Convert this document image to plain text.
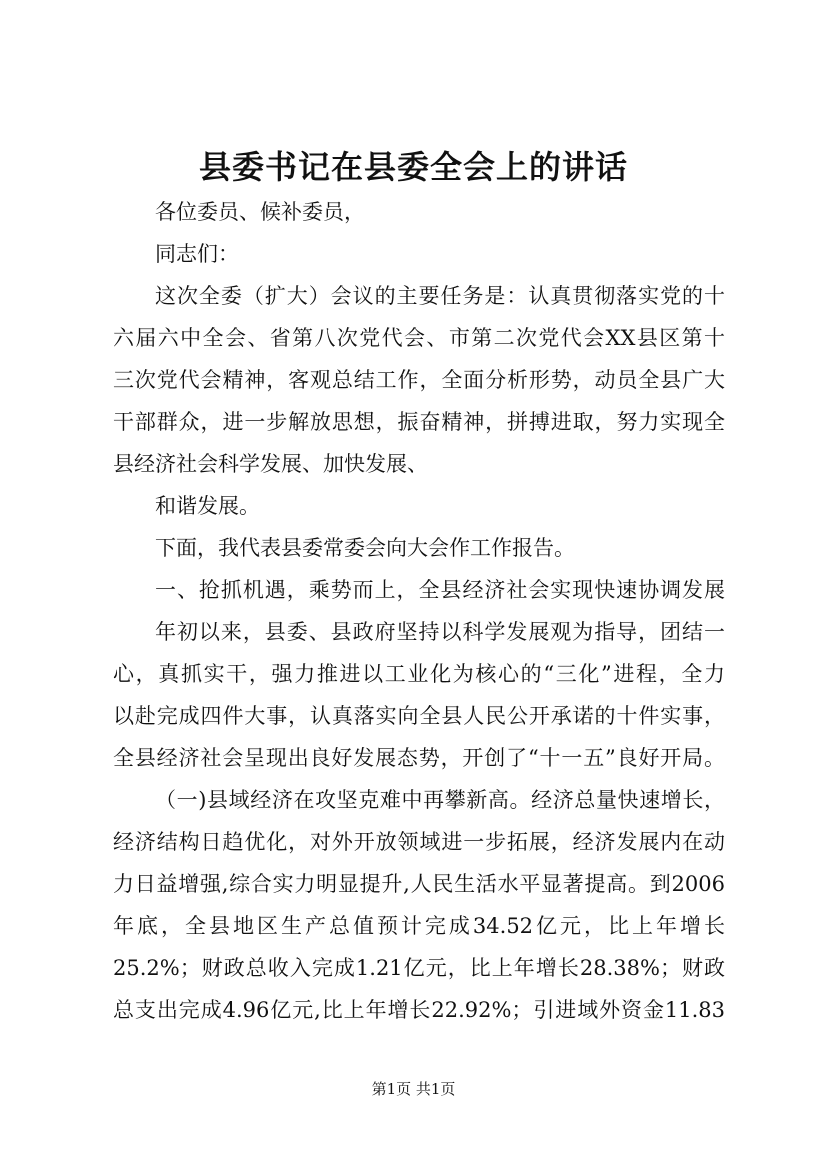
县委书记在县委全会上的讲话
各位委员、候补委员，
同志们：
这次全委（扩大）会议的主要任务是：认真贯彻落实党的十
六届六中全会、省第八次党代会、市第二次党代会XX县区第十
三次党代会精神，客观总结工作，全面分析形势，动员全县广大
干部群众，进一步解放思想，振奋精神，拼搏进取，努力实现全
县经济社会科学发展、加快发展、
和谐发展。
下面，我代表县委常委会向大会作工作报告。
一、抢抓机遇，乘势而上，全县经济社会实现快速协调发展
年初以来，县委、县政府坚持以科学发展观为指导，团结一
心，真抓实干，强力推进以工业化为核心的“三化”进程，全力
以赴完成四件大事，认真落实向全县人民公开承诺的十件实事，
全县经济社会呈现出良好发展态势，开创了“十一五”良好开局。
（一)县域经济在攻坚克难中再攀新高。经济总量快速增长，
经济结构日趋优化，对外开放领域进一步拓展，经济发展内在动
力日益增强,综合实力明显提升,人民生活水平显著提高。到2006
年底，全县地区生产总值预计完成34.52亿元，比上年增长
25.2%；财政总收入完成1.21亿元，比上年增长28.38%；财政
总支出完成4.96亿元,比上年增长22.92%；引进域外资金11.83
第1页 共1页
